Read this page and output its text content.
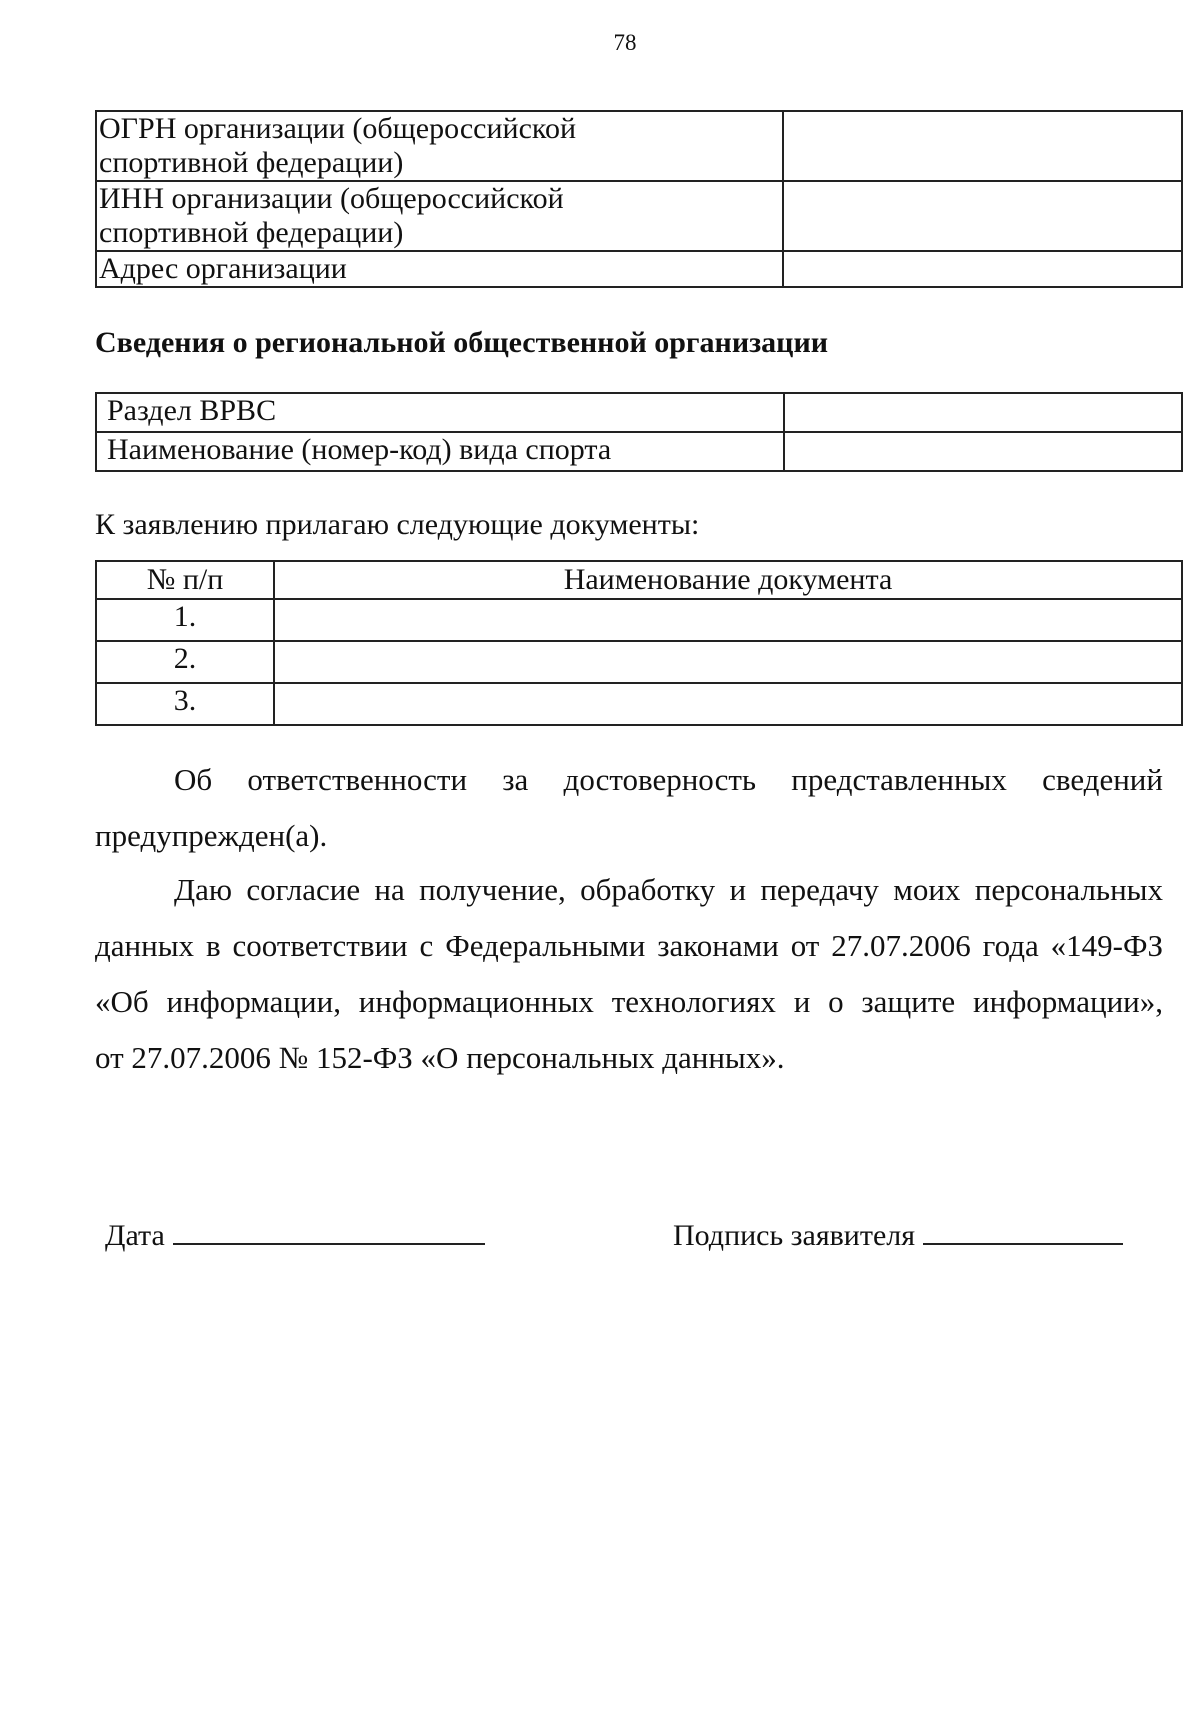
78
ОГРН организации (общероссийской
спортивной федерации)	

ИНН организации (общероссийской
спортивной федерации)	

Адрес организации	

Сведения о региональной общественной организации
Раздел ВРВС	
Наименование (номер-код) вида спорта	
К заявлению прилагаю следующие документы:
№ п/п	Наименование документа
1.	
2.	
3.	
Об ответственности за достоверность представленных сведений
предупрежден(а).
Даю согласие на получение, обработку и передачу моих персональных
данных в соответствии с Федеральными законами от 27.07.2006 года «149-ФЗ
«Об информации, информационных технологиях и о защите информации»,
от 27.07.2006 № 152-ФЗ «О персональных данных».
Дата	Подпись заявителя
